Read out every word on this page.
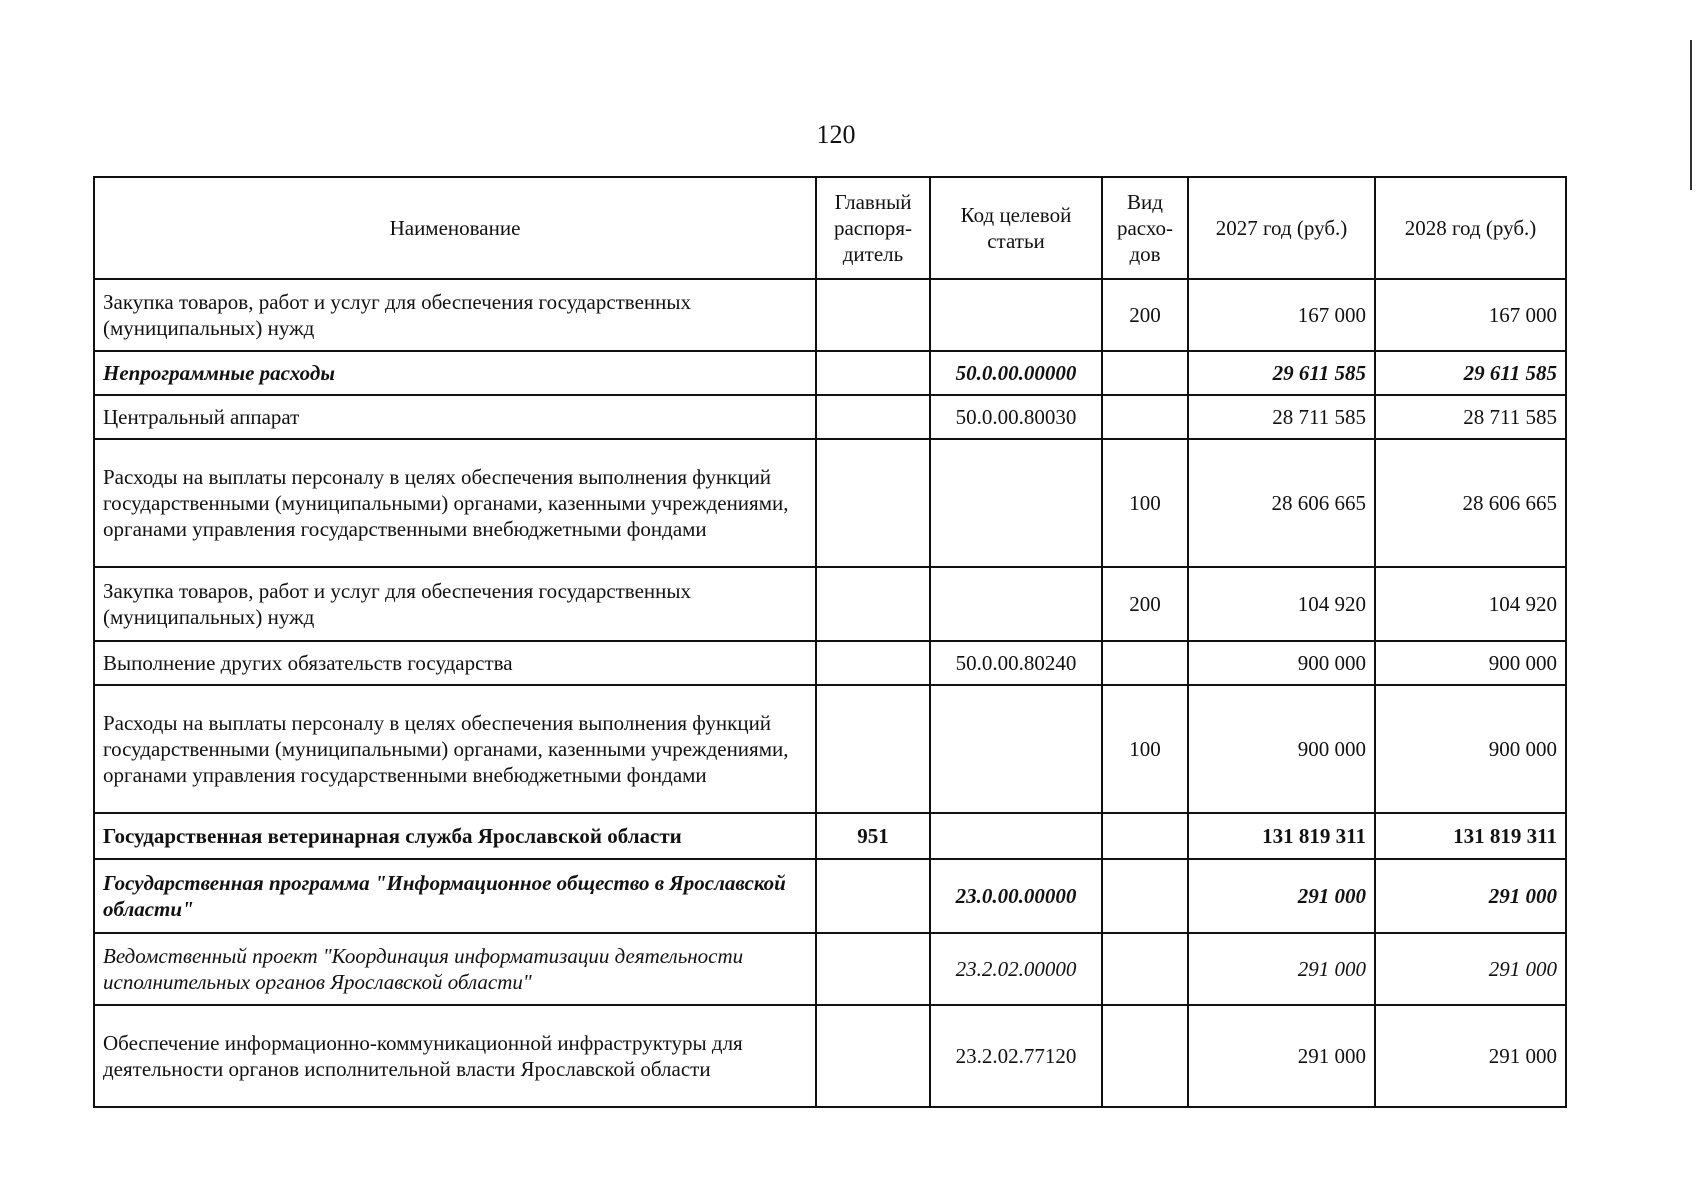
120
Наименование	Главный распоря-дитель	Код целевой статьи	Вид расхо-дов	2027 год (руб.)	2028 год (руб.)
Закупка товаров, работ и услуг для обеспечения государственных (муниципальных) нужд			200	167 000	167 000
Непрограммные расходы		50.0.00.00000		29 611 585	29 611 585
Центральный аппарат		50.0.00.80030		28 711 585	28 711 585
Расходы на выплаты персоналу в целях обеспечения выполнения функций государственными (муниципальными) органами, казенными учреждениями, органами управления государственными внебюджетными фондами			100	28 606 665	28 606 665
Закупка товаров, работ и услуг для обеспечения государственных (муниципальных) нужд			200	104 920	104 920
Выполнение других обязательств государства		50.0.00.80240		900 000	900 000
Расходы на выплаты персоналу в целях обеспечения выполнения функций государственными (муниципальными) органами, казенными учреждениями, органами управления государственными внебюджетными фондами			100	900 000	900 000
Государственная ветеринарная служба Ярославской области	951			131 819 311	131 819 311
Государственная программа "Информационное общество в Ярославской области"		23.0.00.00000		291 000	291 000
Ведомственный проект "Координация информатизации деятельности исполнительных органов Ярославской области"		23.2.02.00000		291 000	291 000
Обеспечение информационно-коммуникационной инфраструктуры для деятельности органов исполнительной власти Ярославской области		23.2.02.77120		291 000	291 000
